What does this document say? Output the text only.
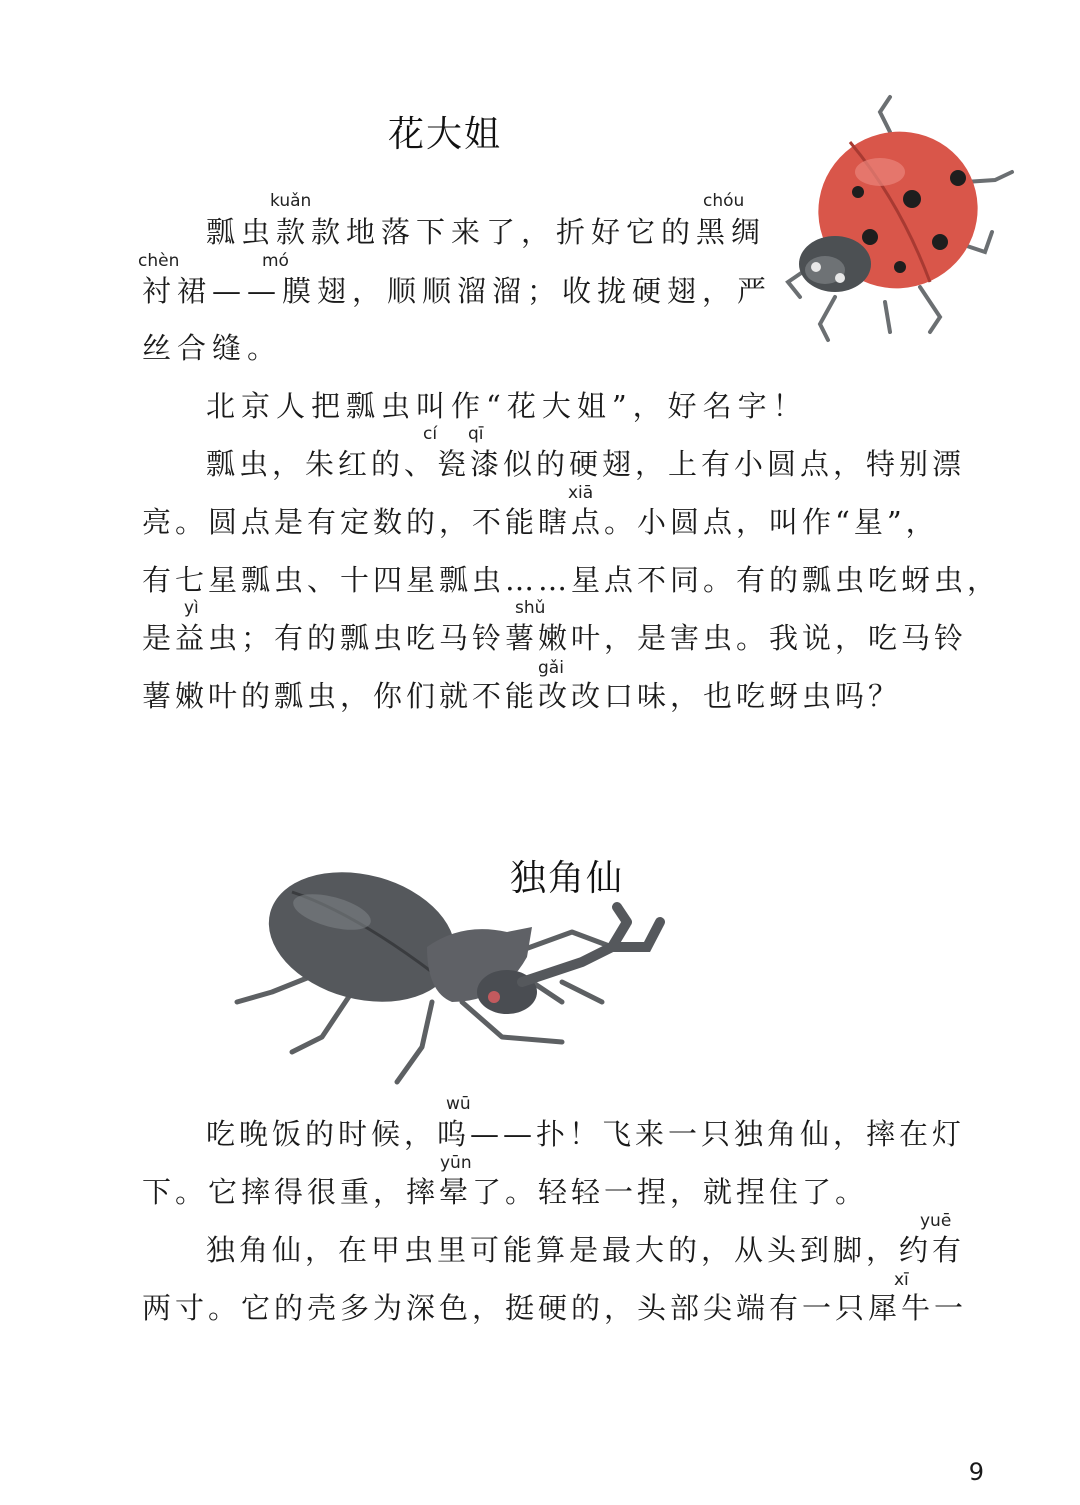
花大姐
kuǎn	chóu
chèn	mó
cí qī
xiā
yì	shǔ
gǎi
瓢虫款款地落下来了，折好它的黑绸
衬裙——膜翅，顺顺溜溜；收拢硬翅，严
丝合缝。
北京人把瓢虫叫作“花大姐”，好名字！
瓢虫，朱红的、瓷漆似的硬翅，上有小圆点，特别漂
亮。圆点是有定数的，不能瞎点。小圆点，叫作“星”，
有七星瓢虫、十四星瓢虫……星点不同。有的瓢虫吃蚜虫，
是益虫；有的瓢虫吃马铃薯嫩叶，是害虫。我说，吃马铃
薯嫩叶的瓢虫，你们就不能改改口味，也吃蚜虫吗？
独角仙
wū
yūn
yuē
xī
吃晚饭的时候，呜——扑！飞来一只独角仙，摔在灯
下。它摔得很重，摔晕了。轻轻一捏，就捏住了。
独角仙，在甲虫里可能算是最大的，从头到脚，约有
两寸。它的壳多为深色，挺硬的，头部尖端有一只犀牛一
9
